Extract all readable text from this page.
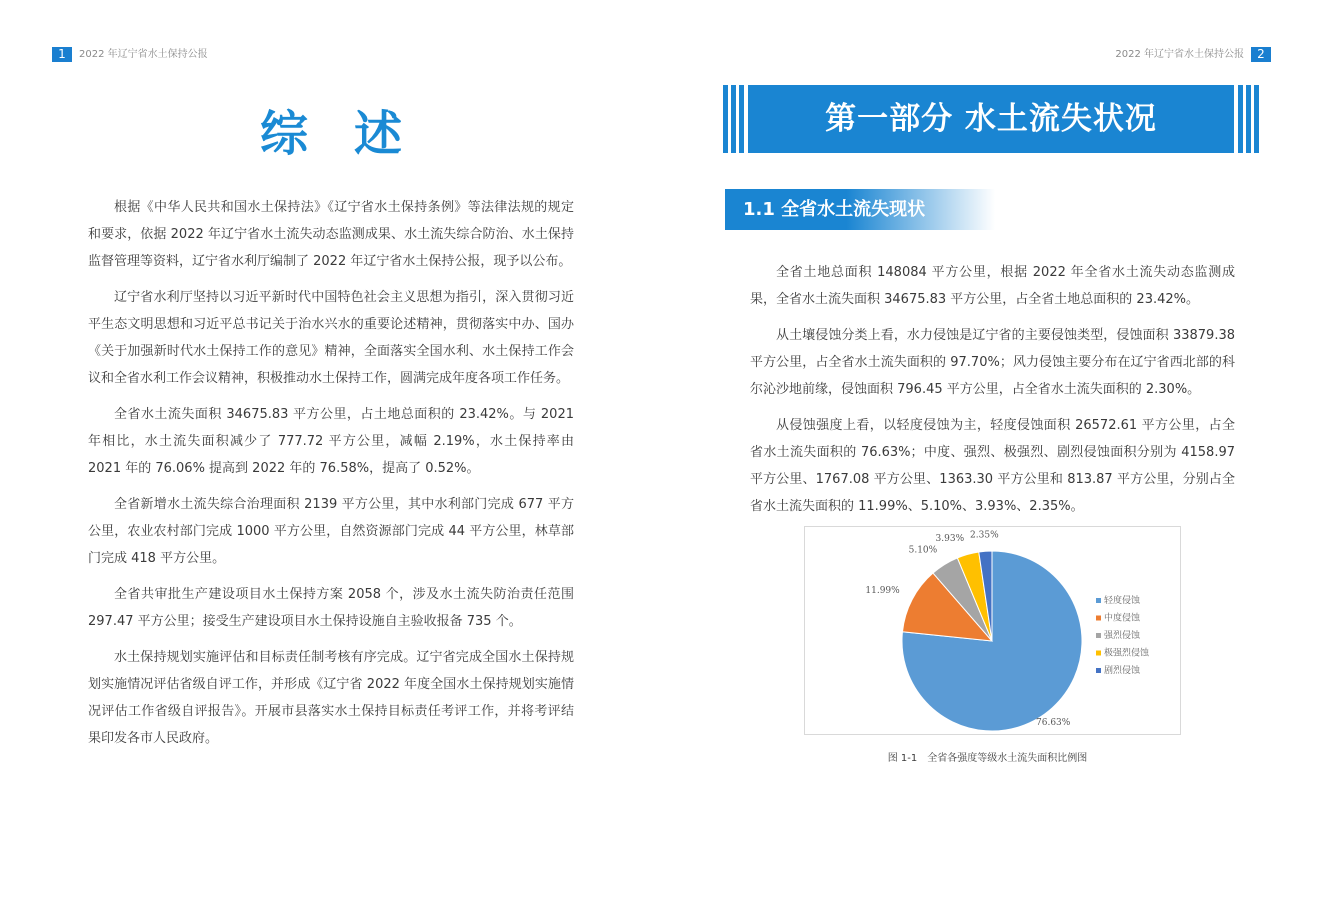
1	2022 年辽宁省水土保持公报	2022 年辽宁省水土保持公报	2
综述

根据《中华人民共和国水土保持法》《辽宁省水土保持条例》等法律法规的规定和要求，依据 2022 年辽宁省水土流失动态监测成果、水土流失综合防治、水土保持监督管理等资料，辽宁省水利厅编制了 2022 年辽宁省水土保持公报，现予以公布。

辽宁省水利厅坚持以习近平新时代中国特色社会主义思想为指引，深入贯彻习近平生态文明思想和习近平总书记关于治水兴水的重要论述精神，贯彻落实中办、国办《关于加强新时代水土保持工作的意见》精神，全面落实全国水利、水土保持工作会议和全省水利工作会议精神，积极推动水土保持工作，圆满完成年度各项工作任务。

全省水土流失面积 34675.83 平方公里，占土地总面积的 23.42%。与 2021 年相比，水土流失面积减少了 777.72 平方公里，减幅 2.19%，水土保持率由 2021 年的 76.06% 提高到 2022 年的 76.58%，提高了 0.52%。

全省新增水土流失综合治理面积 2139 平方公里，其中水利部门完成 677 平方公里，农业农村部门完成 1000 平方公里，自然资源部门完成 44 平方公里，林草部门完成 418 平方公里。

全省共审批生产建设项目水土保持方案 2058 个，涉及水土流失防治责任范围 297.47 平方公里；接受生产建设项目水土保持设施自主验收报备 735 个。

水土保持规划实施评估和目标责任制考核有序完成。辽宁省完成全国水土保持规划实施情况评估省级自评工作，并形成《辽宁省 2022 年度全国水土保持规划实施情况评估工作省级自评报告》。开展市县落实水土保持目标责任考评工作，并将考评结果印发各市人民政府。

第一部分 水土流失状况
1.1 全省水土流失现状

全省土地总面积 148084 平方公里，根据 2022 年全省水土流失动态监测成果，全省水土流失面积 34675.83 平方公里，占全省土地总面积的 23.42%。

从土壤侵蚀分类上看，水力侵蚀是辽宁省的主要侵蚀类型，侵蚀面积 33879.38 平方公里，占全省水土流失面积的 97.70%；风力侵蚀主要分布在辽宁省西北部的科尔沁沙地前缘，侵蚀面积 796.45 平方公里，占全省水土流失面积的 2.30%。

从侵蚀强度上看，以轻度侵蚀为主，轻度侵蚀面积 26572.61 平方公里，占全省水土流失面积的 76.63%；中度、强烈、极强烈、剧烈侵蚀面积分别为 4158.97 平方公里、1767.08 平方公里、1363.30 平方公里和 813.87 平方公里，分别占全省水土流失面积的 11.99%、5.10%、3.93%、2.35%。

76.63%
11.99%
5.10%
3.93% 2.35%
轻度侵蚀
中度侵蚀
强烈侵蚀
极强烈侵蚀
剧烈侵蚀
图 1-1 全省各强度等级水土流失面积比例图
